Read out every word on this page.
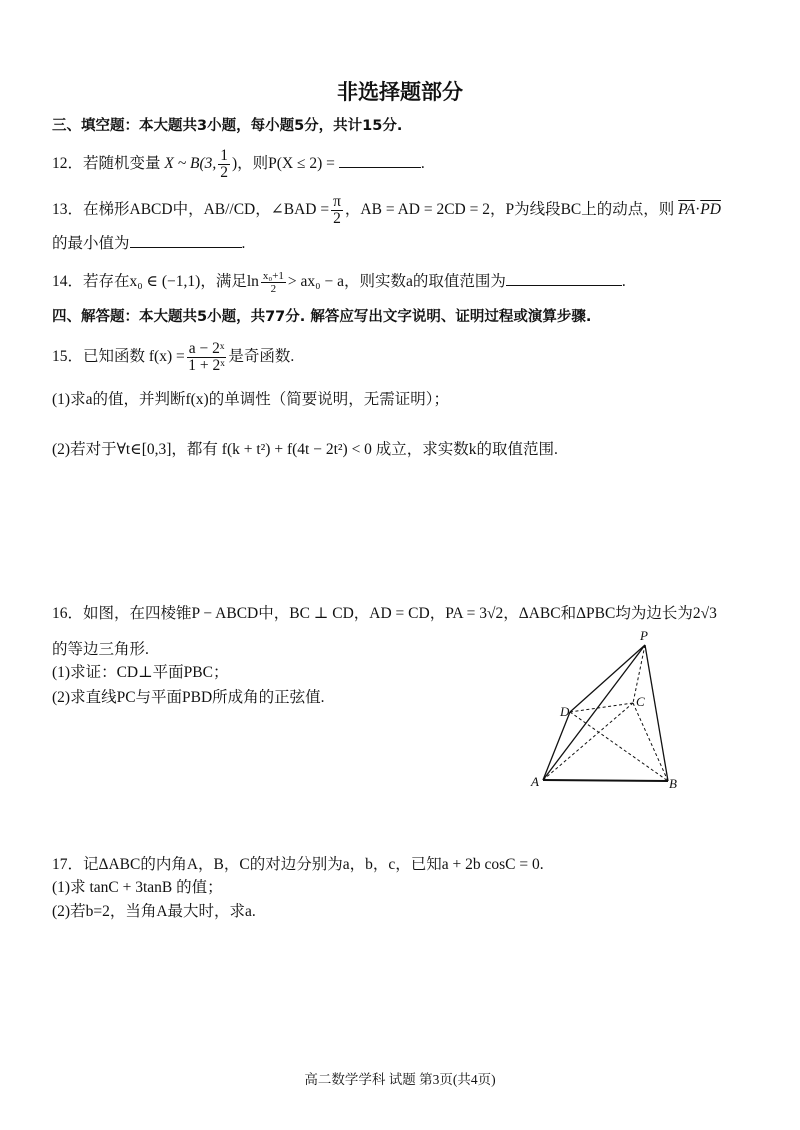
非选择题部分
三、填空题：本大题共3小题，每小题5分，共计15分.
12．若随机变量 X ~ B(3, $\frac{1}{2}$ )，则P(X ≤ 2) =	.
13．在梯形ABCD中，AB//CD，∠BAD = $\frac{\pi}{2}$ ，AB = AD = 2CD = 2，P为线段BC上的动点，则 $\overline{PA}\cdot\overline{PD}$
的最小值为	.
14．若存在x₀ ∈ (−1,1)，满足$\ln \frac{\text{x₀+1}}{2} > ax_0 - a$，则实数a的取值范围为	.
四、解答题：本大题共5小题，共77分. 解答应写出文字说明、证明过程或演算步骤.
15．已知函数 $f(x) = \frac{\text{a − 2ˣ}}{\text{1 + 2ˣ}}$ 是奇函数.
(1)求a的值，并判断f(x)的单调性（简要说明，无需证明）；
(2)若对于∀t∈[0,3]，都有 f(k + t²) + f(4t − 2t²) < 0 成立，求实数k的取值范围.
16．如图，在四棱锥P − ABCD中，BC ⊥ CD，AD = CD，PA = 3√2，ΔABC和ΔPBC均为边长为2√3
的等边三角形.
(1)求证：CD⊥平面PBC；
(2)求直线PC与平面PBD所成角的正弦值.
P
D
C
A	B
17．记ΔABC的内角A，B，C的对边分别为a，b，c，已知a + 2b cosC = 0.
(1)求 tanC + 3tanB 的值；
(2)若b=2，当角A最大时，求a.
高二数学学科 试题 第3页(共4页)
